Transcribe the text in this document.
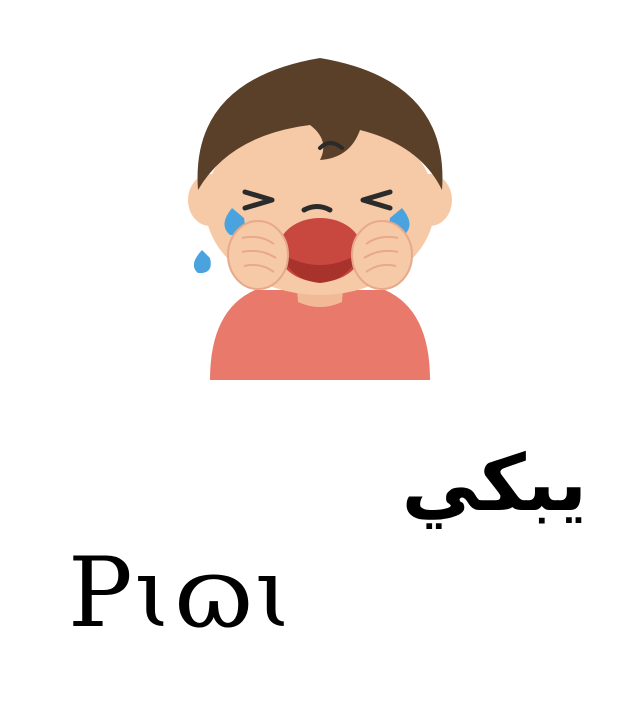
يبكي
Pɩɷɩ
